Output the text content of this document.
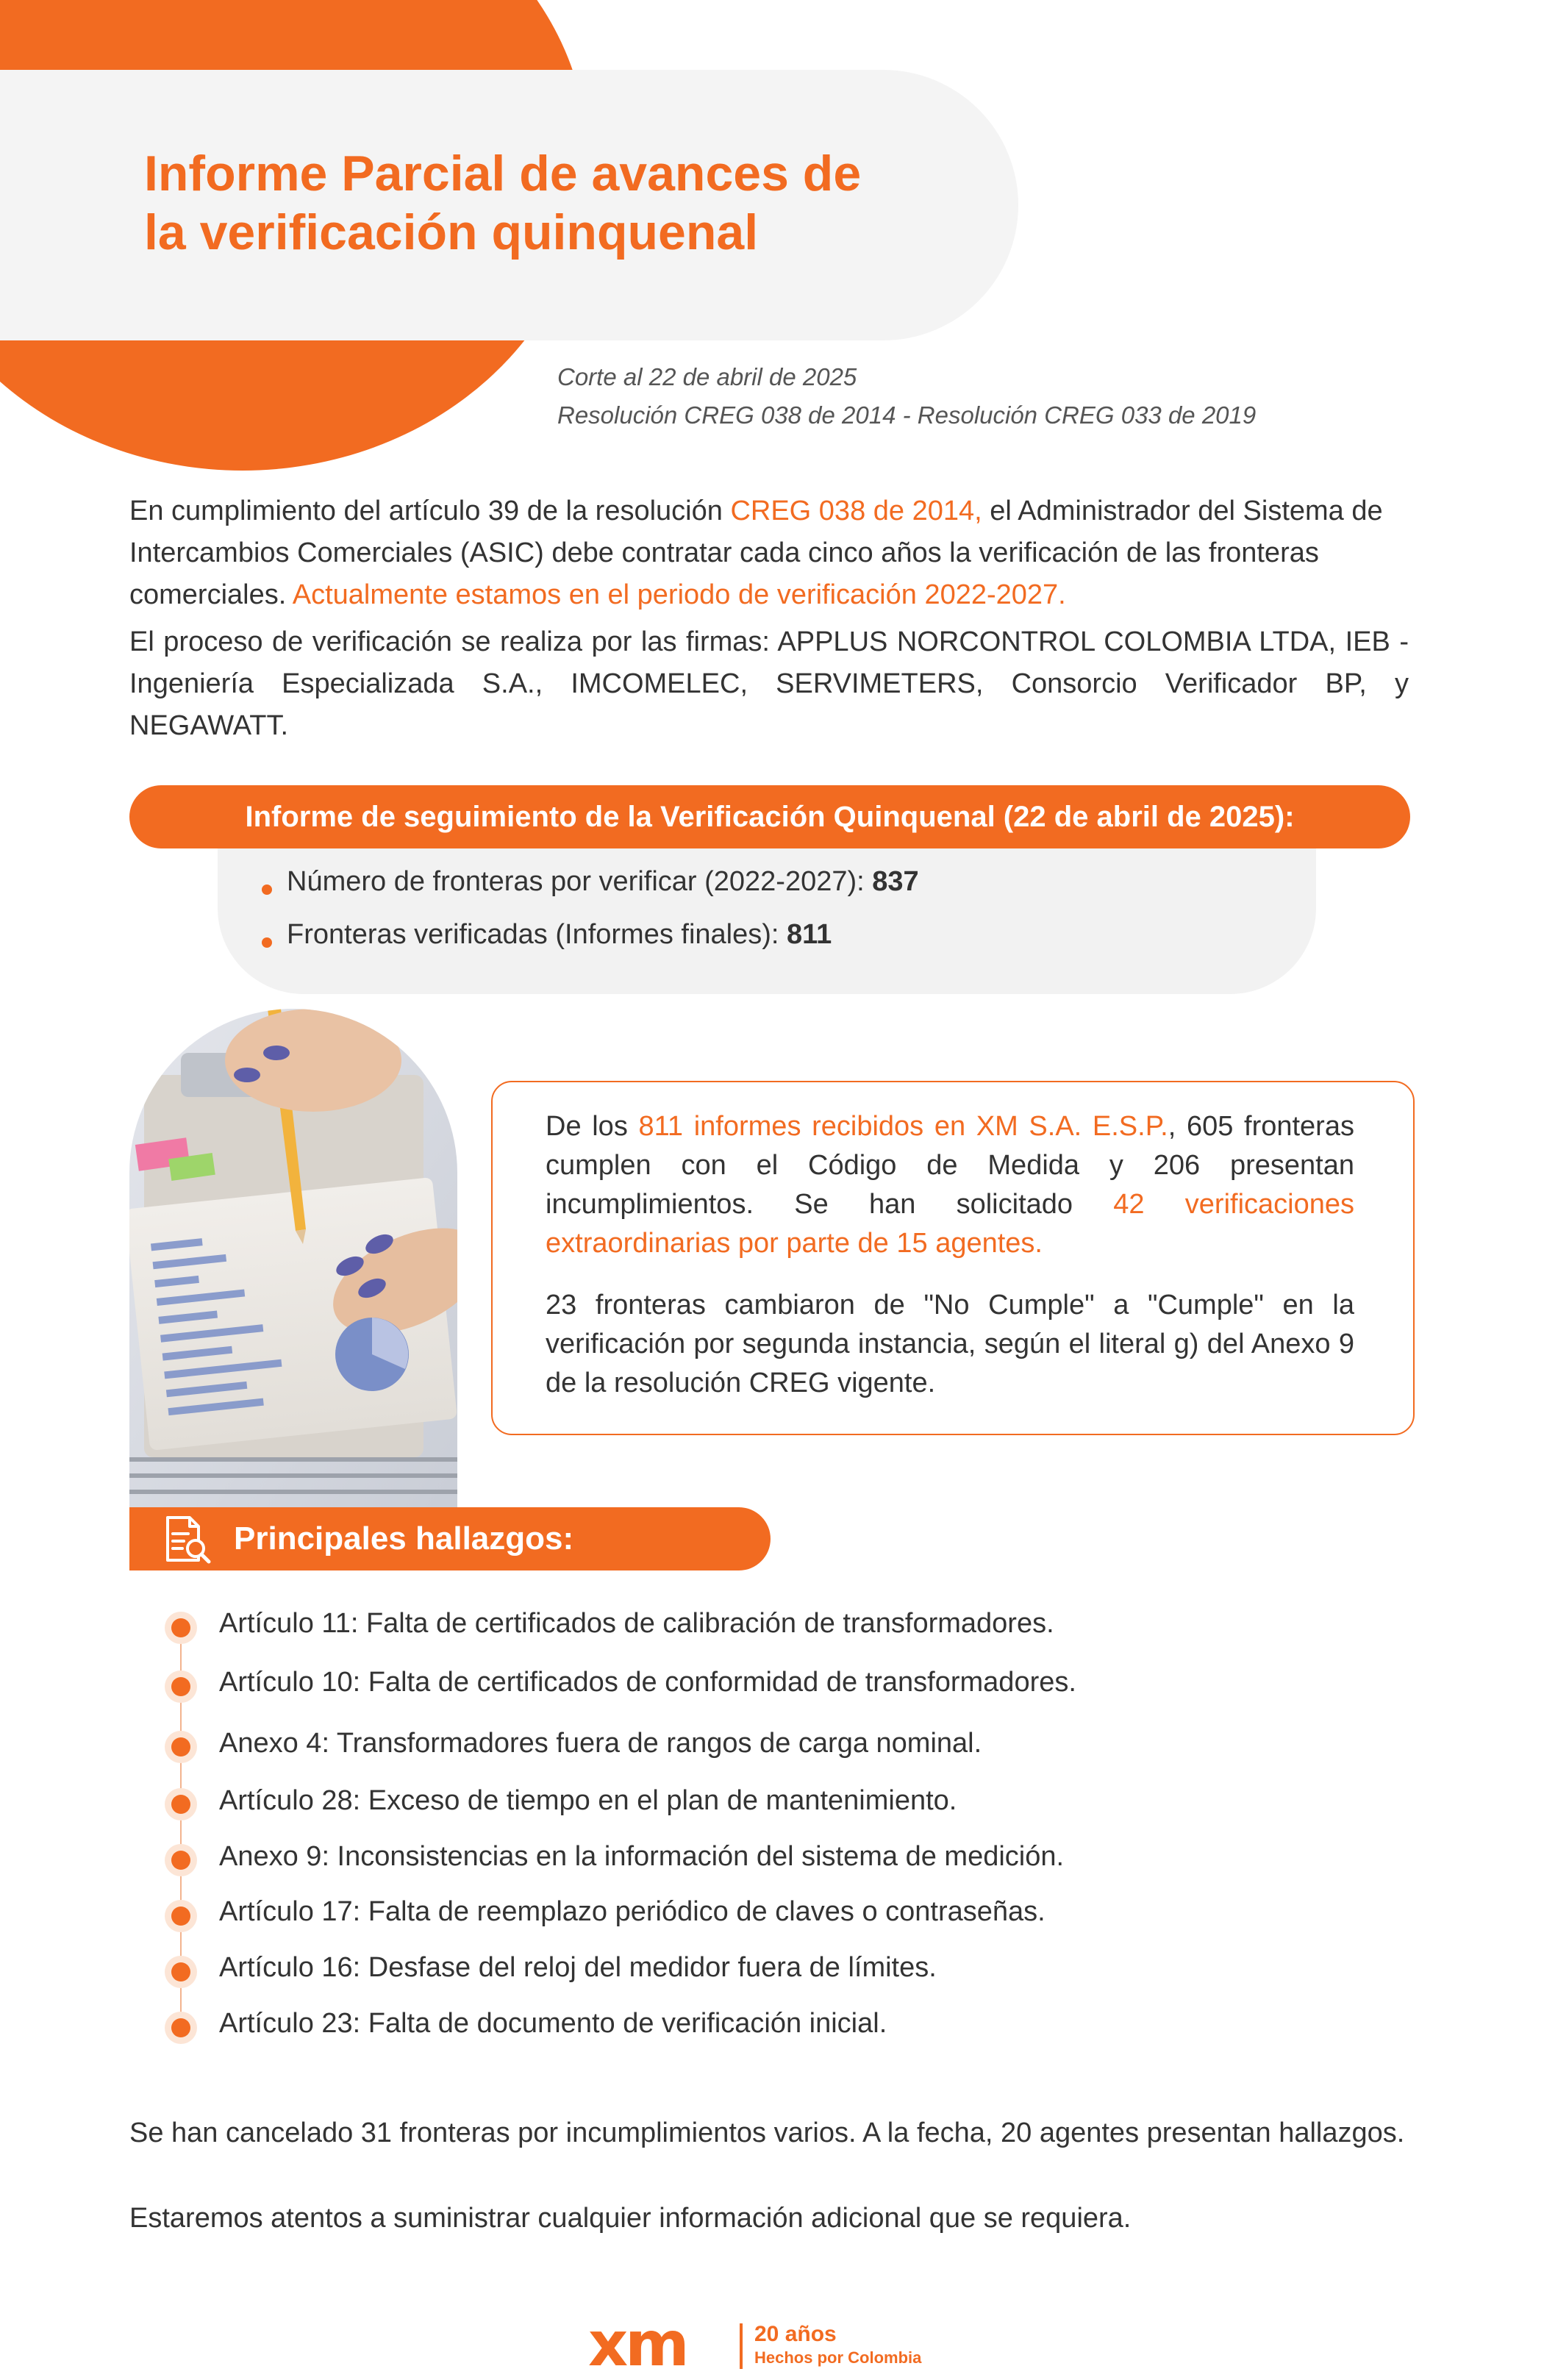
Informe Parcial de avances de
la verificación quinquenal
Corte al 22 de abril de 2025
Resolución CREG 038 de 2014 - Resolución CREG 033 de 2019
En cumplimiento del artículo 39 de la resolución CREG 038 de 2014, el Administrador del Sistema de Intercambios Comerciales (ASIC) debe contratar cada cinco años la verificación de las fronteras comerciales. Actualmente estamos en el periodo de verificación 2022-2027.
El proceso de verificación se realiza por las firmas: APPLUS NORCONTROL COLOMBIA LTDA, IEB - Ingeniería Especializada S.A., IMCOMELEC, SERVIMETERS, Consorcio Verificador BP, y NEGAWATT.
Informe de seguimiento de la Verificación Quinquenal (22 de abril de 2025):
Número de fronteras por verificar (2022-2027): 837
Fronteras verificadas (Informes finales): 811
De los 811 informes recibidos en XM S.A. E.S.P., 605 fronteras cumplen con el Código de Medida y 206 presentan incumplimientos. Se han solicitado 42 verificaciones extraordinarias por parte de 15 agentes.
23 fronteras cambiaron de "No Cumple" a "Cumple" en la verificación por segunda instancia, según el literal g) del Anexo 9 de la resolución CREG vigente.
Principales hallazgos:
Artículo 11: Falta de certificados de calibración de transformadores.
Artículo 10: Falta de certificados de conformidad de transformadores.
Anexo 4: Transformadores fuera de rangos de carga nominal.
Artículo 28: Exceso de tiempo en el plan de mantenimiento.
Anexo 9: Inconsistencias en la información del sistema de medición.
Artículo 17: Falta de reemplazo periódico de claves o contraseñas.
Artículo 16: Desfase del reloj del medidor fuera de límites.
Artículo 23: Falta de documento de verificación inicial.
Se han cancelado 31 fronteras por incumplimientos varios. A la fecha, 20 agentes presentan hallazgos.
Estaremos atentos a suministrar cualquier información adicional que se requiera.
xm	20 años
Hechos por Colombia
